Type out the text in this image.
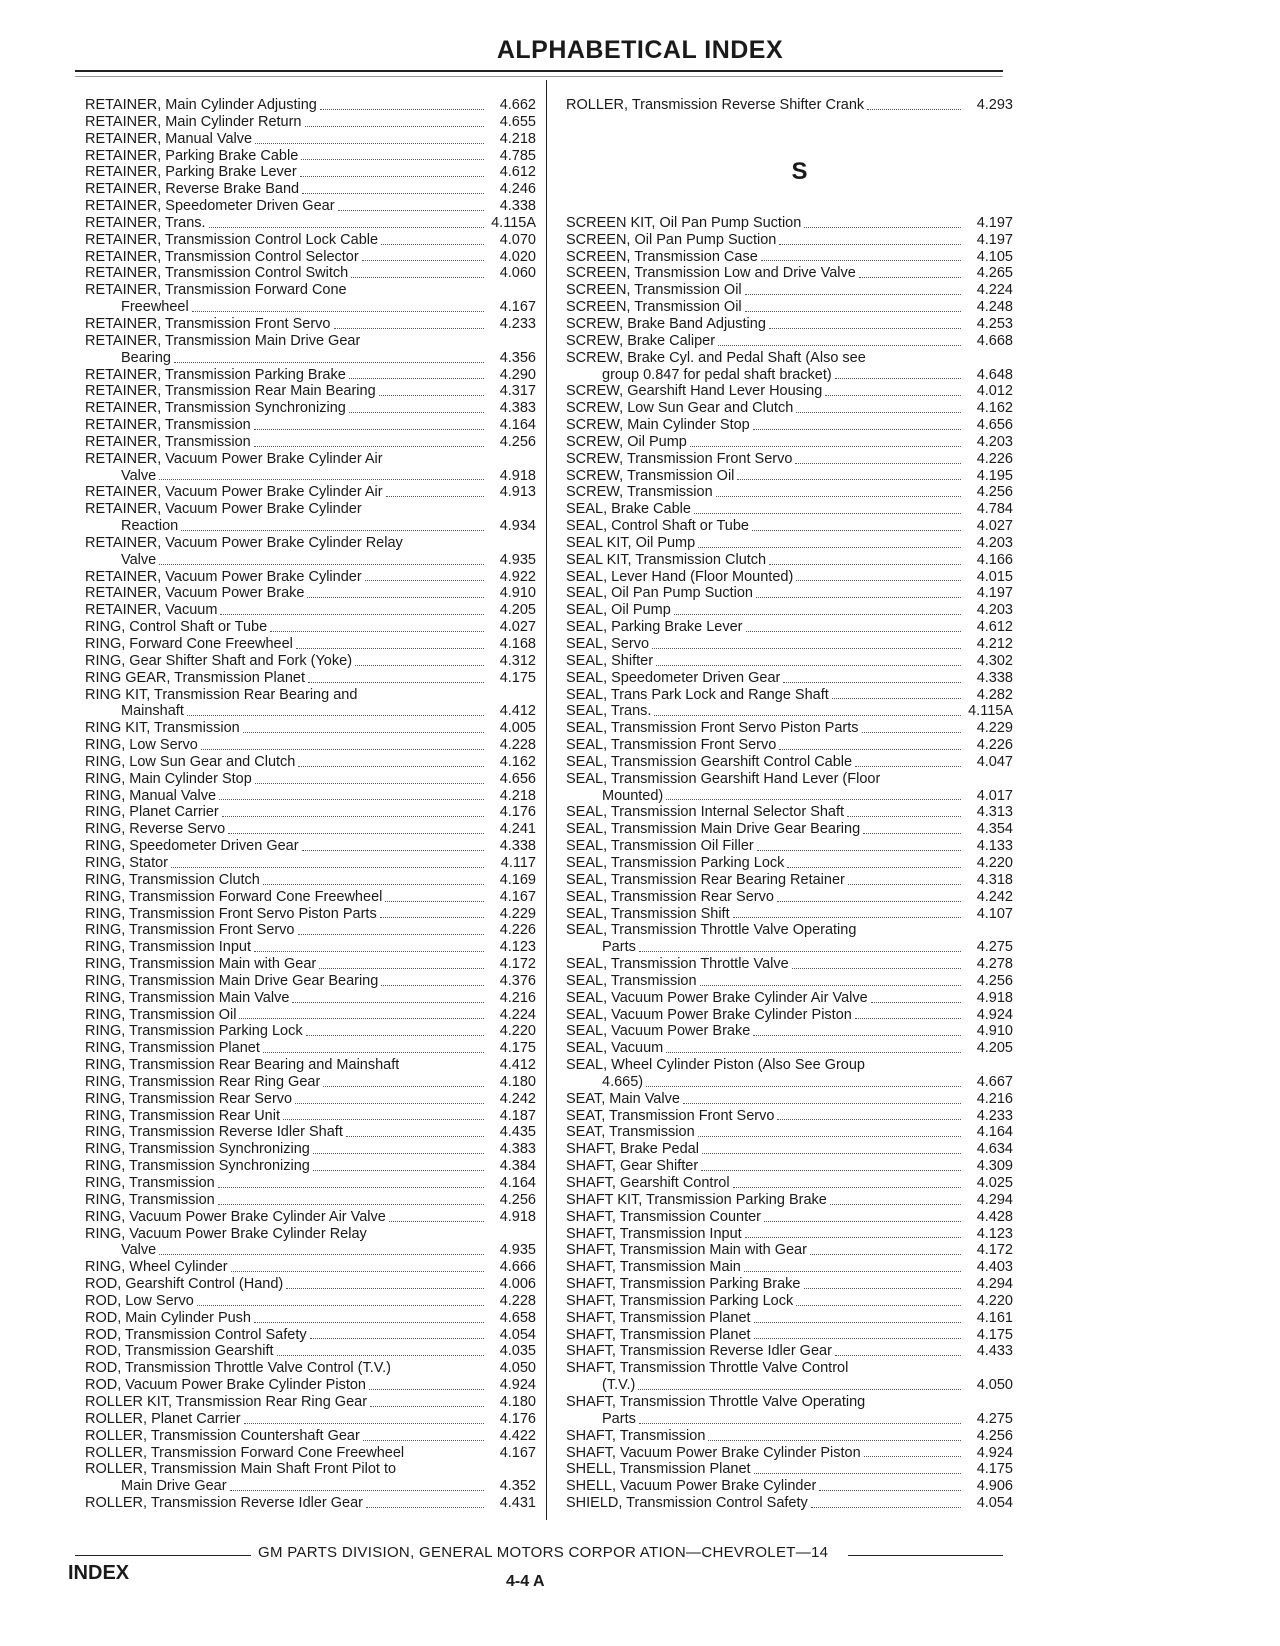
ALPHABETICAL INDEX
RETAINER, Main Cylinder Adjusting	4.662
RETAINER, Main Cylinder Return	4.655
RETAINER, Manual Valve	4.218
RETAINER, Parking Brake Cable	4.785
RETAINER, Parking Brake Lever	4.612
RETAINER, Reverse Brake Band	4.246
RETAINER, Speedometer Driven Gear	4.338
RETAINER, Trans.	4.115A
RETAINER, Transmission Control Lock Cable	4.070
RETAINER, Transmission Control Selector	4.020
RETAINER, Transmission Control Switch	4.060
RETAINER, Transmission Forward Cone
Freewheel	4.167
RETAINER, Transmission Front Servo	4.233
RETAINER, Transmission Main Drive Gear
Bearing	4.356
RETAINER, Transmission Parking Brake	4.290
RETAINER, Transmission Rear Main Bearing	4.317
RETAINER, Transmission Synchronizing	4.383
RETAINER, Transmission	4.164
RETAINER, Transmission	4.256
RETAINER, Vacuum Power Brake Cylinder Air
Valve	4.918
RETAINER, Vacuum Power Brake Cylinder Air	4.913
RETAINER, Vacuum Power Brake Cylinder
Reaction	4.934
RETAINER, Vacuum Power Brake Cylinder Relay
Valve	4.935
RETAINER, Vacuum Power Brake Cylinder	4.922
RETAINER, Vacuum Power Brake	4.910
RETAINER, Vacuum	4.205
RING, Control Shaft or Tube	4.027
RING, Forward Cone Freewheel	4.168
RING, Gear Shifter Shaft and Fork (Yoke)	4.312
RING GEAR, Transmission Planet	4.175
RING KIT, Transmission Rear Bearing and
Mainshaft	4.412
RING KIT, Transmission	4.005
RING, Low Servo	4.228
RING, Low Sun Gear and Clutch	4.162
RING, Main Cylinder Stop	4.656
RING, Manual Valve	4.218
RING, Planet Carrier	4.176
RING, Reverse Servo	4.241
RING, Speedometer Driven Gear	4.338
RING, Stator	4.117
RING, Transmission Clutch	4.169
RING, Transmission Forward Cone Freewheel	4.167
RING, Transmission Front Servo Piston Parts	4.229
RING, Transmission Front Servo	4.226
RING, Transmission Input	4.123
RING, Transmission Main with Gear	4.172
RING, Transmission Main Drive Gear Bearing	4.376
RING, Transmission Main Valve	4.216
RING, Transmission Oil	4.224
RING, Transmission Parking Lock	4.220
RING, Transmission Planet	4.175
RING, Transmission Rear Bearing and Mainshaft	4.412
RING, Transmission Rear Ring Gear	4.180
RING, Transmission Rear Servo	4.242
RING, Transmission Rear Unit	4.187
RING, Transmission Reverse Idler Shaft	4.435
RING, Transmission Synchronizing	4.383
RING, Transmission Synchronizing	4.384
RING, Transmission	4.164
RING, Transmission	4.256
RING, Vacuum Power Brake Cylinder Air Valve	4.918
RING, Vacuum Power Brake Cylinder Relay
Valve	4.935
RING, Wheel Cylinder	4.666
ROD, Gearshift Control (Hand)	4.006
ROD, Low Servo	4.228
ROD, Main Cylinder Push	4.658
ROD, Transmission Control Safety	4.054
ROD, Transmission Gearshift	4.035
ROD, Transmission Throttle Valve Control (T.V.)	4.050
ROD, Vacuum Power Brake Cylinder Piston	4.924
ROLLER KIT, Transmission Rear Ring Gear	4.180
ROLLER, Planet Carrier	4.176
ROLLER, Transmission Countershaft Gear	4.422
ROLLER, Transmission Forward Cone Freewheel	4.167
ROLLER, Transmission Main Shaft Front Pilot to
Main Drive Gear	4.352
ROLLER, Transmission Reverse Idler Gear	4.431
ROLLER, Transmission Reverse Shifter Crank	4.293
S
SCREEN KIT, Oil Pan Pump Suction	4.197
SCREEN, Oil Pan Pump Suction	4.197
SCREEN, Transmission Case	4.105
SCREEN, Transmission Low and Drive Valve	4.265
SCREEN, Transmission Oil	4.224
SCREEN, Transmission Oil	4.248
SCREW, Brake Band Adjusting	4.253
SCREW, Brake Caliper	4.668
SCREW, Brake Cyl. and Pedal Shaft (Also see
group 0.847 for pedal shaft bracket)	4.648
SCREW, Gearshift Hand Lever Housing	4.012
SCREW, Low Sun Gear and Clutch	4.162
SCREW, Main Cylinder Stop	4.656
SCREW, Oil Pump	4.203
SCREW, Transmission Front Servo	4.226
SCREW, Transmission Oil	4.195
SCREW, Transmission	4.256
SEAL, Brake Cable	4.784
SEAL, Control Shaft or Tube	4.027
SEAL KIT, Oil Pump	4.203
SEAL KIT, Transmission Clutch	4.166
SEAL, Lever Hand (Floor Mounted)	4.015
SEAL, Oil Pan Pump Suction	4.197
SEAL, Oil Pump	4.203
SEAL, Parking Brake Lever	4.612
SEAL, Servo	4.212
SEAL, Shifter	4.302
SEAL, Speedometer Driven Gear	4.338
SEAL, Trans Park Lock and Range Shaft	4.282
SEAL, Trans.	4.115A
SEAL, Transmission Front Servo Piston Parts	4.229
SEAL, Transmission Front Servo	4.226
SEAL, Transmission Gearshift Control Cable	4.047
SEAL, Transmission Gearshift Hand Lever (Floor
Mounted)	4.017
SEAL, Transmission Internal Selector Shaft	4.313
SEAL, Transmission Main Drive Gear Bearing	4.354
SEAL, Transmission Oil Filler	4.133
SEAL, Transmission Parking Lock	4.220
SEAL, Transmission Rear Bearing Retainer	4.318
SEAL, Transmission Rear Servo	4.242
SEAL, Transmission Shift	4.107
SEAL, Transmission Throttle Valve Operating
Parts	4.275
SEAL, Transmission Throttle Valve	4.278
SEAL, Transmission	4.256
SEAL, Vacuum Power Brake Cylinder Air Valve	4.918
SEAL, Vacuum Power Brake Cylinder Piston	4.924
SEAL, Vacuum Power Brake	4.910
SEAL, Vacuum	4.205
SEAL, Wheel Cylinder Piston (Also See Group
4.665)	4.667
SEAT, Main Valve	4.216
SEAT, Transmission Front Servo	4.233
SEAT, Transmission	4.164
SHAFT, Brake Pedal	4.634
SHAFT, Gear Shifter	4.309
SHAFT, Gearshift Control	4.025
SHAFT KIT, Transmission Parking Brake	4.294
SHAFT, Transmission Counter	4.428
SHAFT, Transmission Input	4.123
SHAFT, Transmission Main with Gear	4.172
SHAFT, Transmission Main	4.403
SHAFT, Transmission Parking Brake	4.294
SHAFT, Transmission Parking Lock	4.220
SHAFT, Transmission Planet	4.161
SHAFT, Transmission Planet	4.175
SHAFT, Transmission Reverse Idler Gear	4.433
SHAFT, Transmission Throttle Valve Control
(T.V.)	4.050
SHAFT, Transmission Throttle Valve Operating
Parts	4.275
SHAFT, Transmission	4.256
SHAFT, Vacuum Power Brake Cylinder Piston	4.924
SHELL, Transmission Planet	4.175
SHELL, Vacuum Power Brake Cylinder	4.906
SHIELD, Transmission Control Safety	4.054
GM PARTS DIVISION, GENERAL MOTORS CORPOR ATION—CHEVROLET—14
INDEX	4-4 A
